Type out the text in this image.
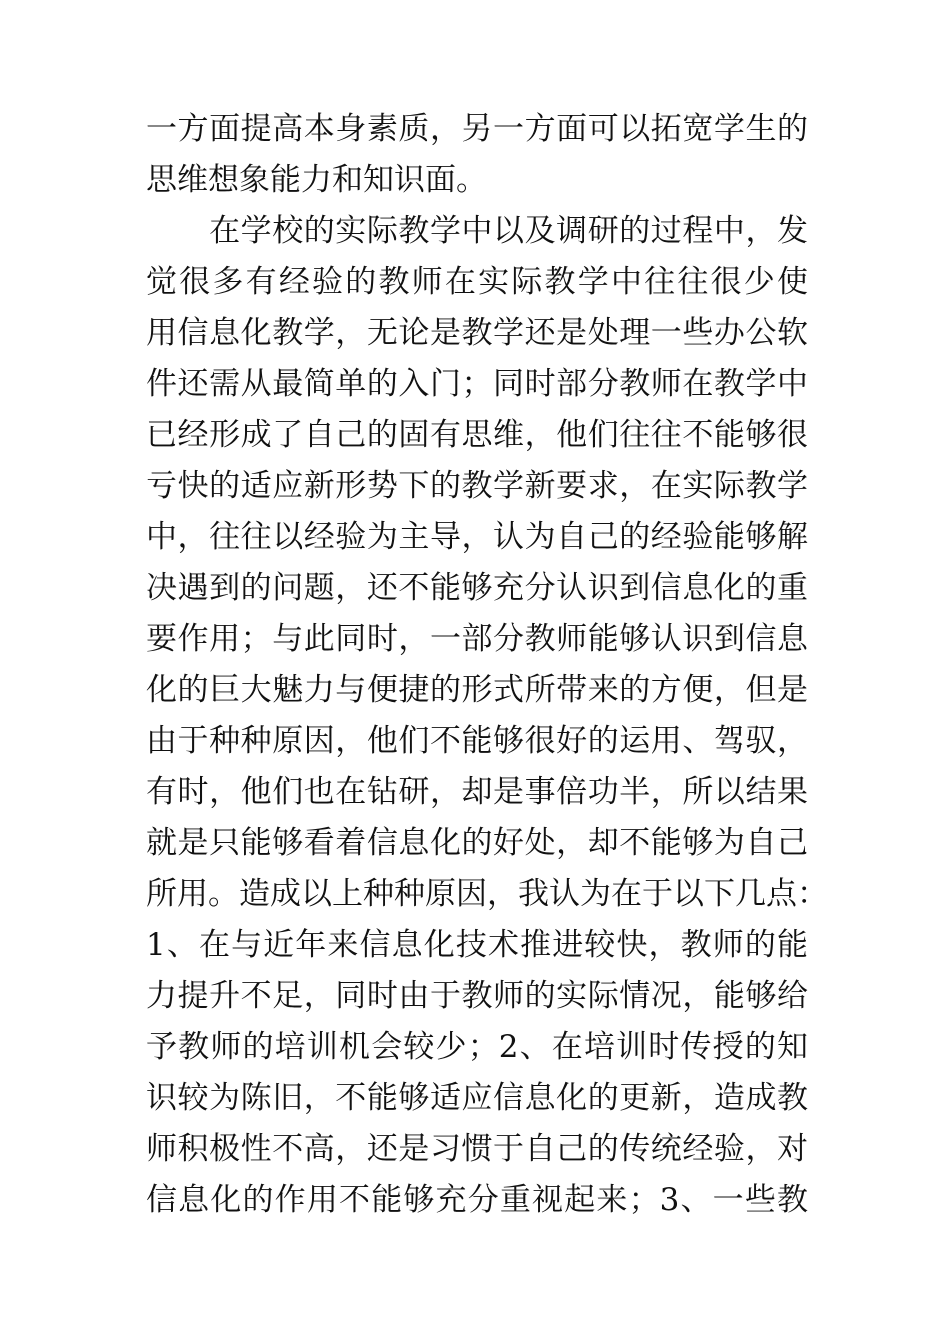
一方面提高本身素质，另一方面可以拓宽学生的
思维想象能力和知识面。
　　在学校的实际教学中以及调研的过程中，发
觉很多有经验的教师在实际教学中往往很少使
用信息化教学，无论是教学还是处理一些办公软
件还需从最简单的入门；同时部分教师在教学中
已经形成了自己的固有思维，他们往往不能够很
亏快的适应新形势下的教学新要求，在实际教学
中，往往以经验为主导，认为自己的经验能够解
决遇到的问题，还不能够充分认识到信息化的重
要作用；与此同时，一部分教师能够认识到信息
化的巨大魅力与便捷的形式所带来的方便，但是
由于种种原因，他们不能够很好的运用、驾驭，
有时，他们也在钻研，却是事倍功半，所以结果
就是只能够看着信息化的好处，却不能够为自己
所用。造成以上种种原因，我认为在于以下几点：
1、在与近年来信息化技术推进较快，教师的能
力提升不足，同时由于教师的实际情况，能够给
予教师的培训机会较少；2、在培训时传授的知
识较为陈旧，不能够适应信息化的更新，造成教
师积极性不高，还是习惯于自己的传统经验，对
信息化的作用不能够充分重视起来；3、一些教
